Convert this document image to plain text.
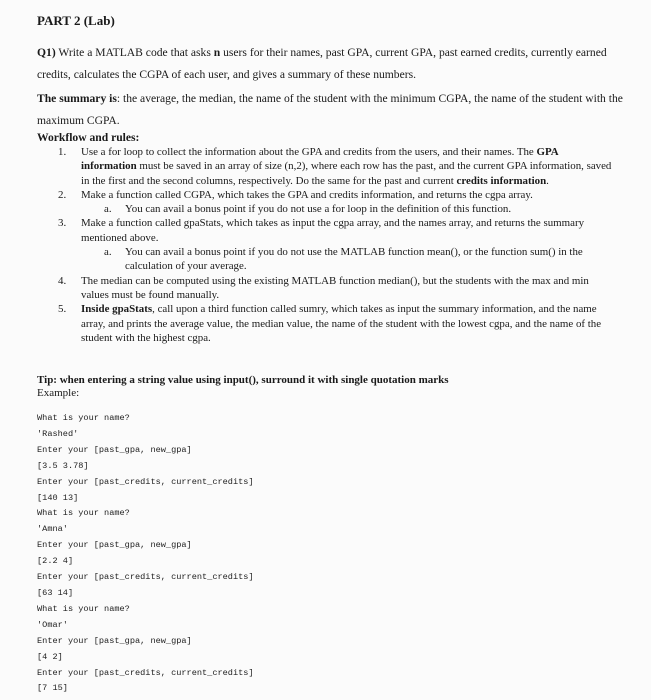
PART 2 (Lab)
Q1) Write a MATLAB code that asks n users for their names, past GPA, current GPA, past earned credits, currently earned credits, calculates the CGPA of each user, and gives a summary of these numbers.
The summary is: the average, the median, the name of the student with the minimum CGPA, the name of the student with the maximum CGPA.
Workflow and rules:
1. Use a for loop to collect the information about the GPA and credits from the users, and their names. The GPA information must be saved in an array of size (n,2), where each row has the past, and the current GPA information, saved in the first and the second columns, respectively. Do the same for the past and current credits information.
2. Make a function called CGPA, which takes the GPA and credits information, and returns the cgpa array.
a. You can avail a bonus point if you do not use a for loop in the definition of this function.
3. Make a function called gpaStats, which takes as input the cgpa array, and the names array, and returns the summary mentioned above.
a. You can avail a bonus point if you do not use the MATLAB function mean(), or the function sum() in the calculation of your average.
4. The median can be computed using the existing MATLAB function median(), but the students with the max and min values must be found manually.
5. Inside gpaStats, call upon a third function called sumry, which takes as input the summary information, and the name array, and prints the average value, the median value, the name of the student with the lowest cgpa, and the name of the student with the highest cgpa.
Tip: when entering a string value using input(), surround it with single quotation marks
Example:
What is your name?
'Rashed'
Enter your [past_gpa, new_gpa]
[3.5 3.78]
Enter your [past_credits, current_credits]
[140 13]
What is your name?
'Amna'
Enter your [past_gpa, new_gpa]
[2.2 4]
Enter your [past_credits, current_credits]
[63 14]
What is your name?
'Omar'
Enter your [past_gpa, new_gpa]
[4 2]
Enter your [past_credits, current_credits]
[7 15]
